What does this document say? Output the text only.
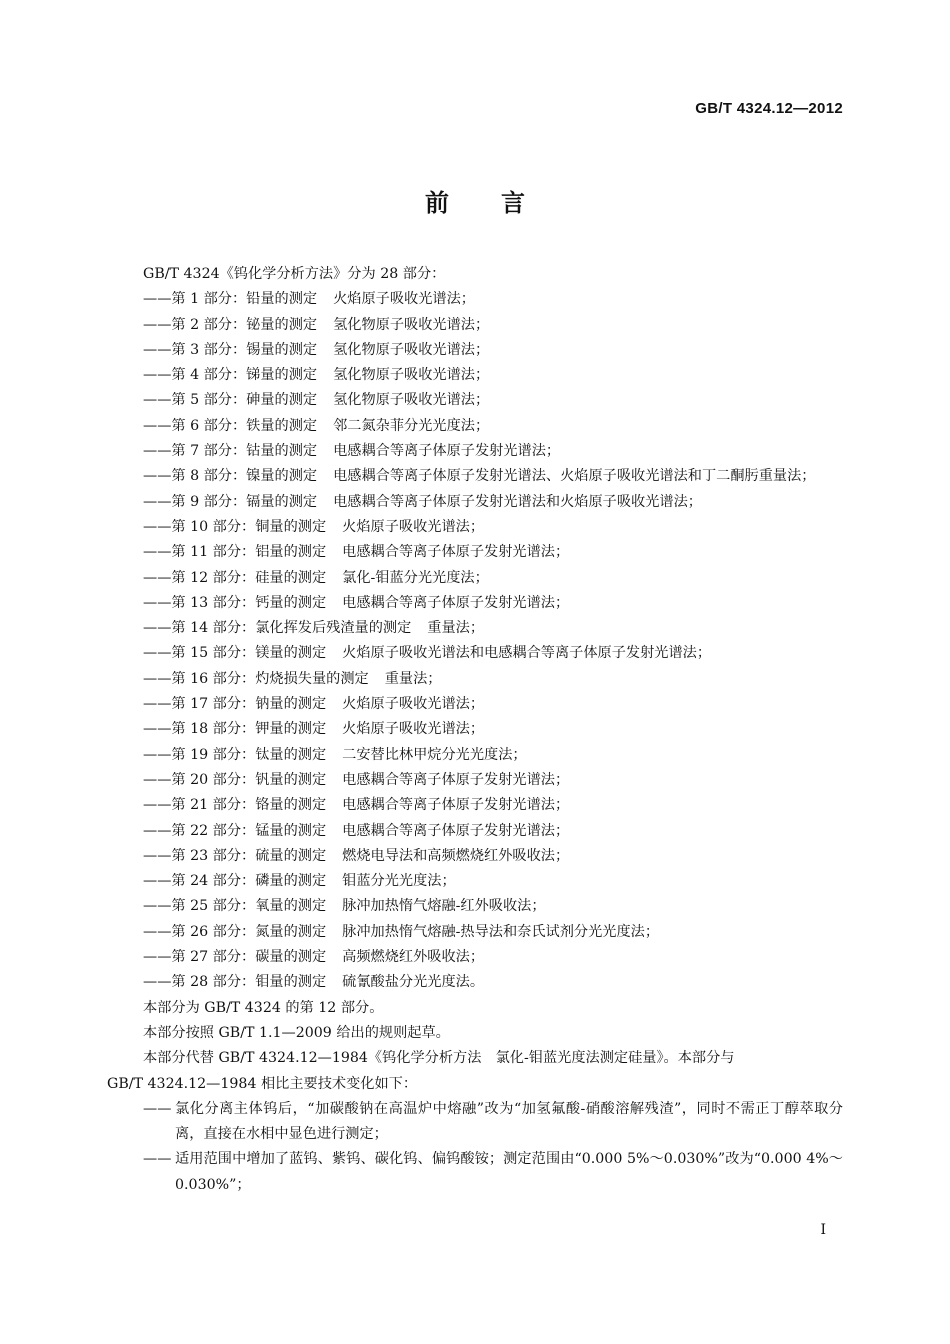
GB/T 4324.12—2012
前 言
GB/T 4324《钨化学分析方法》分为 28 部分：
——第 1 部分：铅量的测定 火焰原子吸收光谱法；
——第 2 部分：铋量的测定 氢化物原子吸收光谱法；
——第 3 部分：锡量的测定 氢化物原子吸收光谱法；
——第 4 部分：锑量的测定 氢化物原子吸收光谱法；
——第 5 部分：砷量的测定 氢化物原子吸收光谱法；
——第 6 部分：铁量的测定 邻二氮杂菲分光光度法；
——第 7 部分：钴量的测定 电感耦合等离子体原子发射光谱法；
——第 8 部分：镍量的测定 电感耦合等离子体原子发射光谱法、火焰原子吸收光谱法和丁二酮肟重量法；
——第 9 部分：镉量的测定 电感耦合等离子体原子发射光谱法和火焰原子吸收光谱法；
——第 10 部分：铜量的测定 火焰原子吸收光谱法；
——第 11 部分：铝量的测定 电感耦合等离子体原子发射光谱法；
——第 12 部分：硅量的测定 氯化-钼蓝分光光度法；
——第 13 部分：钙量的测定 电感耦合等离子体原子发射光谱法；
——第 14 部分：氯化挥发后残渣量的测定 重量法；
——第 15 部分：镁量的测定 火焰原子吸收光谱法和电感耦合等离子体原子发射光谱法；
——第 16 部分：灼烧损失量的测定 重量法；
——第 17 部分：钠量的测定 火焰原子吸收光谱法；
——第 18 部分：钾量的测定 火焰原子吸收光谱法；
——第 19 部分：钛量的测定 二安替比林甲烷分光光度法；
——第 20 部分：钒量的测定 电感耦合等离子体原子发射光谱法；
——第 21 部分：铬量的测定 电感耦合等离子体原子发射光谱法；
——第 22 部分：锰量的测定 电感耦合等离子体原子发射光谱法；
——第 23 部分：硫量的测定 燃烧电导法和高频燃烧红外吸收法；
——第 24 部分：磷量的测定 钼蓝分光光度法；
——第 25 部分：氧量的测定 脉冲加热惰气熔融-红外吸收法；
——第 26 部分：氮量的测定 脉冲加热惰气熔融-热导法和奈氏试剂分光光度法；
——第 27 部分：碳量的测定 高频燃烧红外吸收法；
——第 28 部分：钼量的测定 硫氰酸盐分光光度法。
本部分为 GB/T 4324 的第 12 部分。
本部分按照 GB/T 1.1—2009 给出的规则起草。
本部分代替 GB/T 4324.12—1984《钨化学分析方法　氯化-钼蓝光度法测定硅量》。本部分与
GB/T 4324.12—1984 相比主要技术变化如下：
—— 氯化分离主体钨后，“加碳酸钠在高温炉中熔融”改为“加氢氟酸-硝酸溶解残渣”，同时不需正丁醇萃取分离，直接在水相中显色进行测定；
—— 适用范围中增加了蓝钨、紫钨、碳化钨、偏钨酸铵；测定范围由“0.000 5%～0.030%”改为“0.000 4%～0.030%”；
I
